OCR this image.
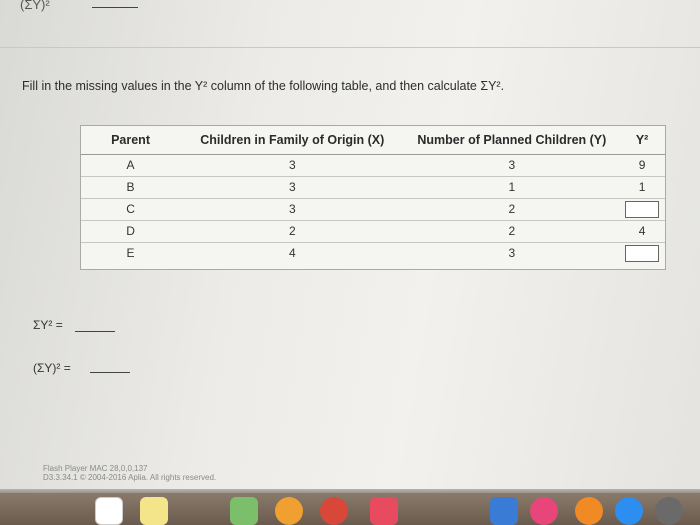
(ΣY)²
Fill in the missing values in the Y² column of the following table, and then calculate ΣY².
Parent	Children in Family of Origin (X)	Number of Planned Children (Y)	Y²
A	3	3	9
B	3	1	1
C	3	2	
D	2	2	4
E	4	3	
ΣY² =
(ΣY)² =
Flash Player MAC 28,0,0,137
D3.3.34.1 © 2004-2016 Aplia. All rights reserved.
